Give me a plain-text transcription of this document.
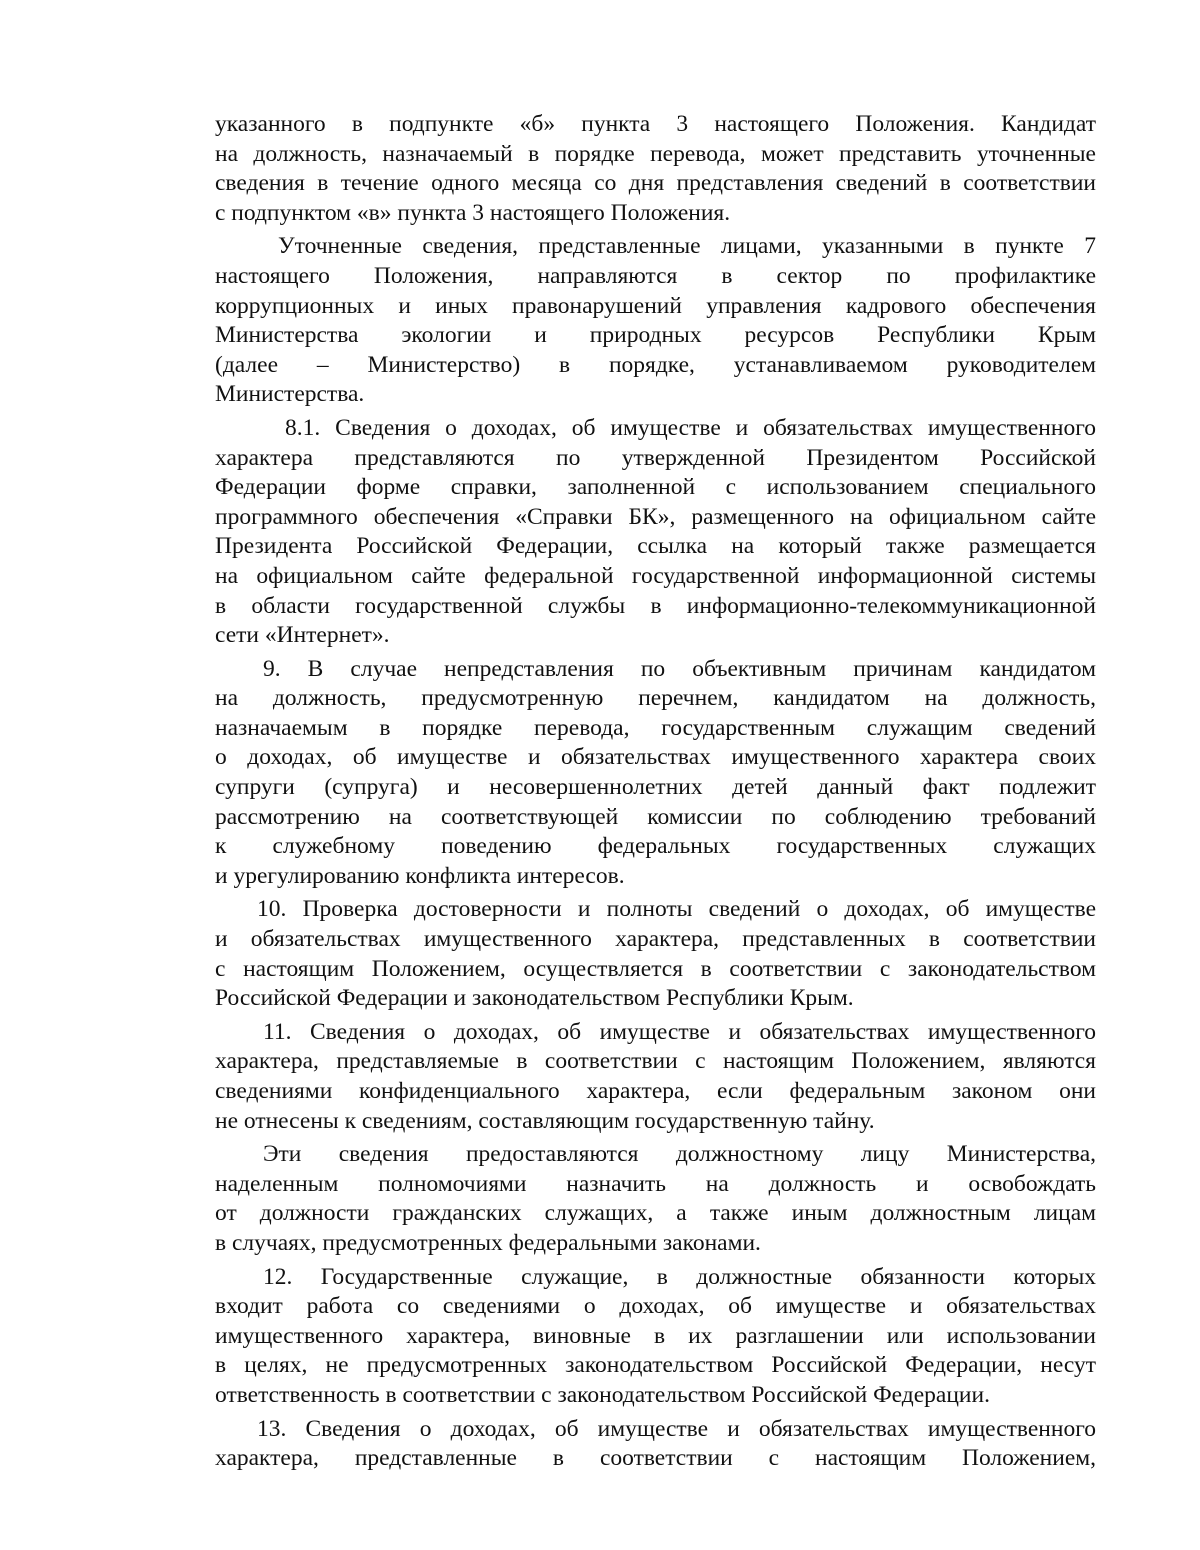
указанного в подпункте «б» пункта 3 настоящего Положения. Кандидат
на должность, назначаемый в порядке перевода, может представить уточненные
сведения в течение одного месяца со дня представления сведений в соответствии
с подпунктом «в» пункта 3 настоящего Положения.
Уточненные сведения, представленные лицами, указанными в пункте 7
настоящего Положения, направляются в сектор по профилактике
коррупционных и иных правонарушений управления кадрового обеспечения
Министерства экологии и природных ресурсов Республики Крым
(далее – Министерство) в порядке, устанавливаемом руководителем
Министерства.
8.1. Сведения о доходах, об имуществе и обязательствах имущественного
характера представляются по утвержденной Президентом Российской
Федерации форме справки, заполненной с использованием специального
программного обеспечения «Справки БК», размещенного на официальном сайте
Президента Российской Федерации, ссылка на который также размещается
на официальном сайте федеральной государственной информационной системы
в области государственной службы в информационно-телекоммуникационной
сети «Интернет».
9. В случае непредставления по объективным причинам кандидатом
на должность, предусмотренную перечнем, кандидатом на должность,
назначаемым в порядке перевода, государственным служащим сведений
о доходах, об имуществе и обязательствах имущественного характера своих
супруги (супруга) и несовершеннолетних детей данный факт подлежит
рассмотрению на соответствующей комиссии по соблюдению требований
к служебному поведению федеральных государственных служащих
и урегулированию конфликта интересов.
10. Проверка достоверности и полноты сведений о доходах, об имуществе
и обязательствах имущественного характера, представленных в соответствии
с настоящим Положением, осуществляется в соответствии с законодательством
Российской Федерации и законодательством Республики Крым.
11. Сведения о доходах, об имуществе и обязательствах имущественного
характера, представляемые в соответствии с настоящим Положением, являются
сведениями конфиденциального характера, если федеральным законом они
не отнесены к сведениям, составляющим государственную тайну.
Эти сведения предоставляются должностному лицу Министерства,
наделенным полномочиями назначить на должность и освобождать
от должности гражданских служащих, а также иным должностным лицам
в случаях, предусмотренных федеральными законами.
12. Государственные служащие, в должностные обязанности которых
входит работа со сведениями о доходах, об имуществе и обязательствах
имущественного характера, виновные в их разглашении или использовании
в целях, не предусмотренных законодательством Российской Федерации, несут
ответственность в соответствии с законодательством Российской Федерации.
13. Сведения о доходах, об имуществе и обязательствах имущественного
характера, представленные в соответствии с настоящим Положением,
